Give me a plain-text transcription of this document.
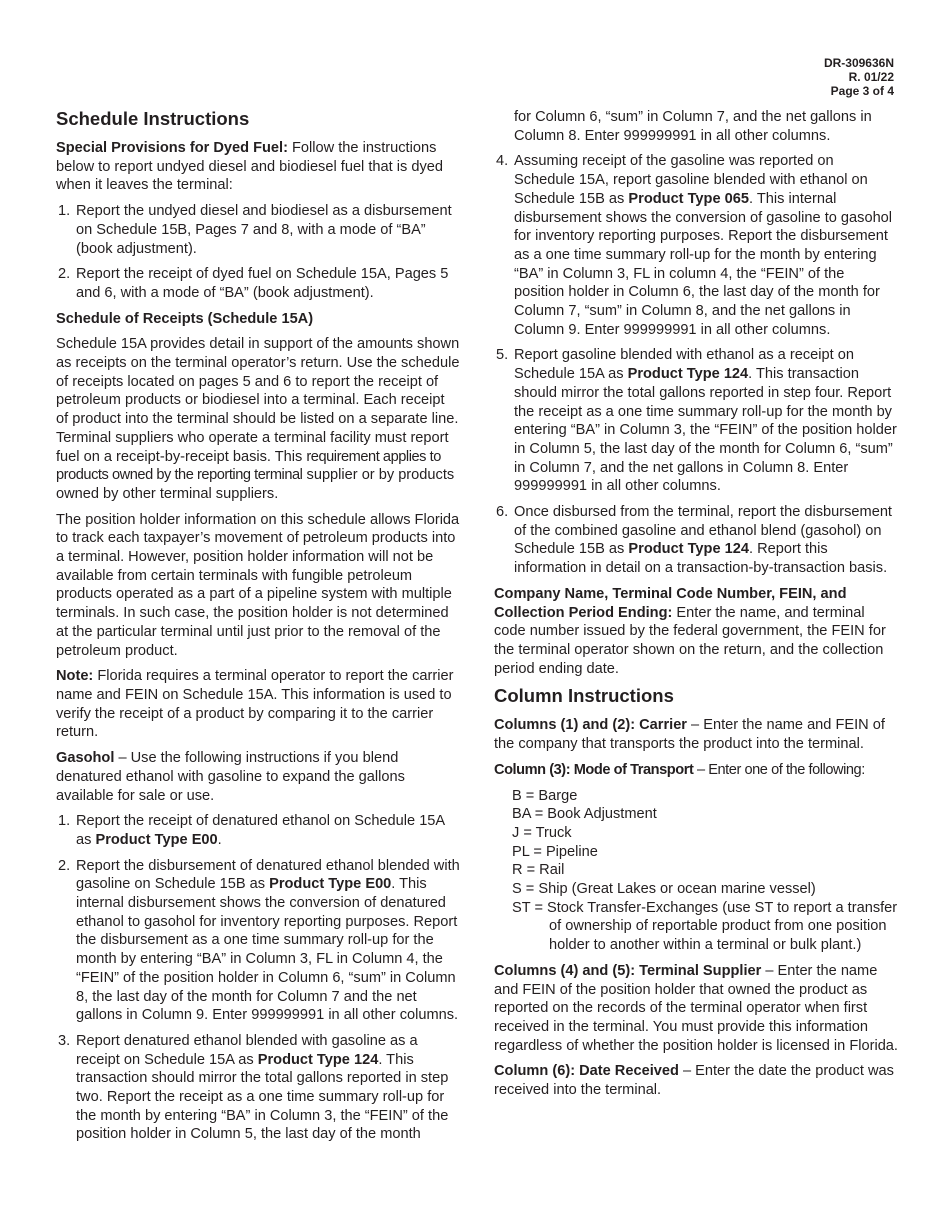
DR-309636N
R. 01/22
Page 3 of 4
Schedule Instructions

Special Provisions for Dyed Fuel: Follow the instructions below to report undyed diesel and biodiesel fuel that is dyed when it leaves the terminal:

1. Report the undyed diesel and biodiesel as a disbursement on Schedule 15B, Pages 7 and 8, with a mode of “BA” (book adjustment).
2. Report the receipt of dyed fuel on Schedule 15A, Pages 5 and 6, with a mode of “BA” (book adjustment).
Schedule of Receipts (Schedule 15A)

Schedule 15A provides detail in support of the amounts shown as receipts on the terminal operator’s return. Use the schedule of receipts located on pages 5 and 6 to report the receipt of petroleum products or biodiesel into a terminal. Each receipt of product into the terminal should be listed on a separate line. Terminal suppliers who operate a terminal facility must report fuel on a receipt-by-receipt basis. This requirement applies to products owned by the reporting terminal supplier or by products owned by other terminal suppliers.

The position holder information on this schedule allows Florida to track each taxpayer’s movement of petroleum products into a terminal. However, position holder information will not be available from certain terminals with fungible petroleum products operated as a part of a pipeline system with multiple terminals. In such case, the position holder is not determined at the particular terminal until just prior to the removal of the petroleum product.

Note: Florida requires a terminal operator to report the carrier name and FEIN on Schedule 15A. This information is used to verify the receipt of a product by comparing it to the carrier return.

Gasohol – Use the following instructions if you blend denatured ethanol with gasoline to expand the gallons available for sale or use.

1. Report the receipt of denatured ethanol on Schedule 15A as Product Type E00.
2. Report the disbursement of denatured ethanol blended with gasoline on Schedule 15B as Product Type E00. This internal disbursement shows the conversion of denatured ethanol to gasohol for inventory reporting purposes. Report the disbursement as a one time summary roll-up for the month by entering “BA” in Column 3, FL in Column 4, the “FEIN” of the position holder in Column 6, “sum” in Column 8, the last day of the month for Column 7 and the net gallons in Column 9. Enter 999999991 in all other columns.
3. Report denatured ethanol blended with gasoline as a receipt on Schedule 15A as Product Type 124. This transaction should mirror the total gallons reported in step two. Report the receipt as a one time summary roll-up for the month by entering “BA” in Column 3, the “FEIN” of the position holder in Column 5, the last day of the month
for Column 6, “sum” in Column 7, and the net gallons in Column 8. Enter 999999991 in all other columns.
4. Assuming receipt of the gasoline was reported on Schedule 15A, report gasoline blended with ethanol on Schedule 15B as Product Type 065. This internal disbursement shows the conversion of gasoline to gasohol for inventory reporting purposes. Report the disbursement as a one time summary roll-up for the month by entering “BA” in Column 3, FL in column 4, the “FEIN” of the position holder in Column 6, the last day of the month for Column 7, “sum” in Column 8, and the net gallons in Column 9. Enter 999999991 in all other columns.
5. Report gasoline blended with ethanol as a receipt on Schedule 15A as Product Type 124. This transaction should mirror the total gallons reported in step four. Report the receipt as a one time summary roll-up for the month by entering “BA” in Column 3, the “FEIN” of the position holder in Column 5, the last day of the month for Column 6, “sum” in Column 7, and the net gallons in Column 8. Enter 999999991 in all other columns.
6. Once disbursed from the terminal, report the disbursement of the combined gasoline and ethanol blend (gasohol) on Schedule 15B as Product Type 124. Report this information in detail on a transaction-by-transaction basis.

Company Name, Terminal Code Number, FEIN, and Collection Period Ending: Enter the name, and terminal code number issued by the federal government, the FEIN for the terminal operator shown on the return, and the collection period ending date.

Column Instructions

Columns (1) and (2): Carrier – Enter the name and FEIN of the company that transports the product into the terminal.

Column (3): Mode of Transport – Enter one of the following:

B = Barge
BA = Book Adjustment
J = Truck
PL = Pipeline
R = Rail
S = Ship (Great Lakes or ocean marine vessel)
ST = Stock Transfer-Exchanges (use ST to report a transfer of ownership of reportable product from one position holder to another within a terminal or bulk plant.)

Columns (4) and (5): Terminal Supplier – Enter the name and FEIN of the position holder that owned the product as reported on the records of the terminal operator when first received in the terminal. You must provide this information regardless of whether the position holder is licensed in Florida.

Column (6): Date Received – Enter the date the product was received into the terminal.
